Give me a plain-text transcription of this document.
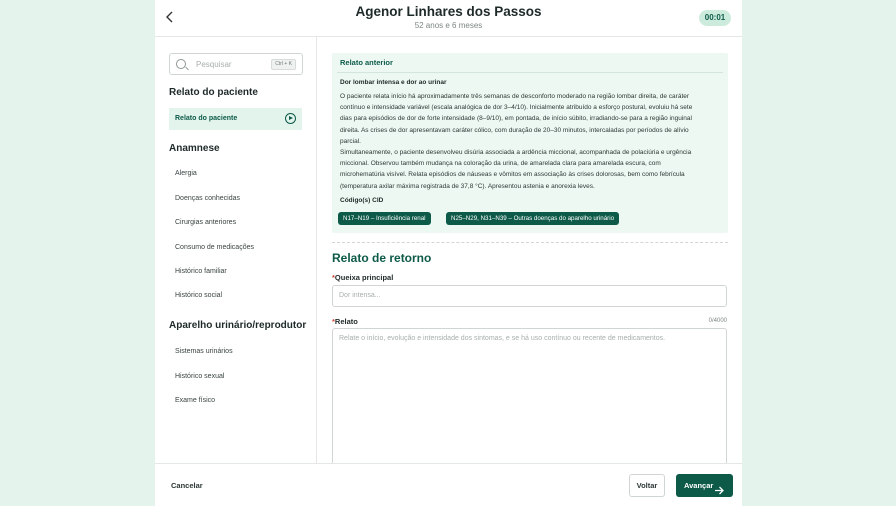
Agenor Linhares dos Passos
52 anos e 6 meses
00:01
Pesquisar	Ctrl + K
Relato do paciente
Relato do paciente
Anamnese
Alergia
Doenças conhecidas
Cirurgias anteriores
Consumo de medicações
Histórico familiar
Histórico social
Aparelho urinário/reprodutor
Sistemas urinários
Histórico sexual
Exame físico
Relato anterior
Dor lombar intensa e dor ao urinar
O paciente relata início há aproximadamente três semanas de desconforto moderado na região lombar direita, de caráter
contínuo e intensidade variável (escala analógica de dor 3–4/10). Inicialmente atribuído a esforço postural, evoluiu há sete
dias para episódios de dor de forte intensidade (8–9/10), em pontada, de início súbito, irradiando-se para a região inguinal
direita. As crises de dor apresentavam caráter cólico, com duração de 20–30 minutos, intercaladas por períodos de alívio
parcial.
Simultaneamente, o paciente desenvolveu disúria associada a ardência miccional, acompanhada de polaciúria e urgência
miccional. Observou também mudança na coloração da urina, de amarelada clara para amarelada escura, com
microhematúria visível. Relata episódios de náuseas e vômitos em associação às crises dolorosas, bem como febrícula
(temperatura axilar máxima registrada de 37,8 °C). Apresentou astenia e anorexia leves.
Código(s) CID
N17–N19 – Insuficiência renal	N25–N29, N31–N39 – Outras doenças do aparelho urinário
Relato de retorno
*Queixa principal
Dor intensa...
*Relato	0/4000
Relate o início, evolução e intensidade dos sintomas, e se há uso contínuo ou recente de medicamentos.
Cancelar	Voltar	Avançar
